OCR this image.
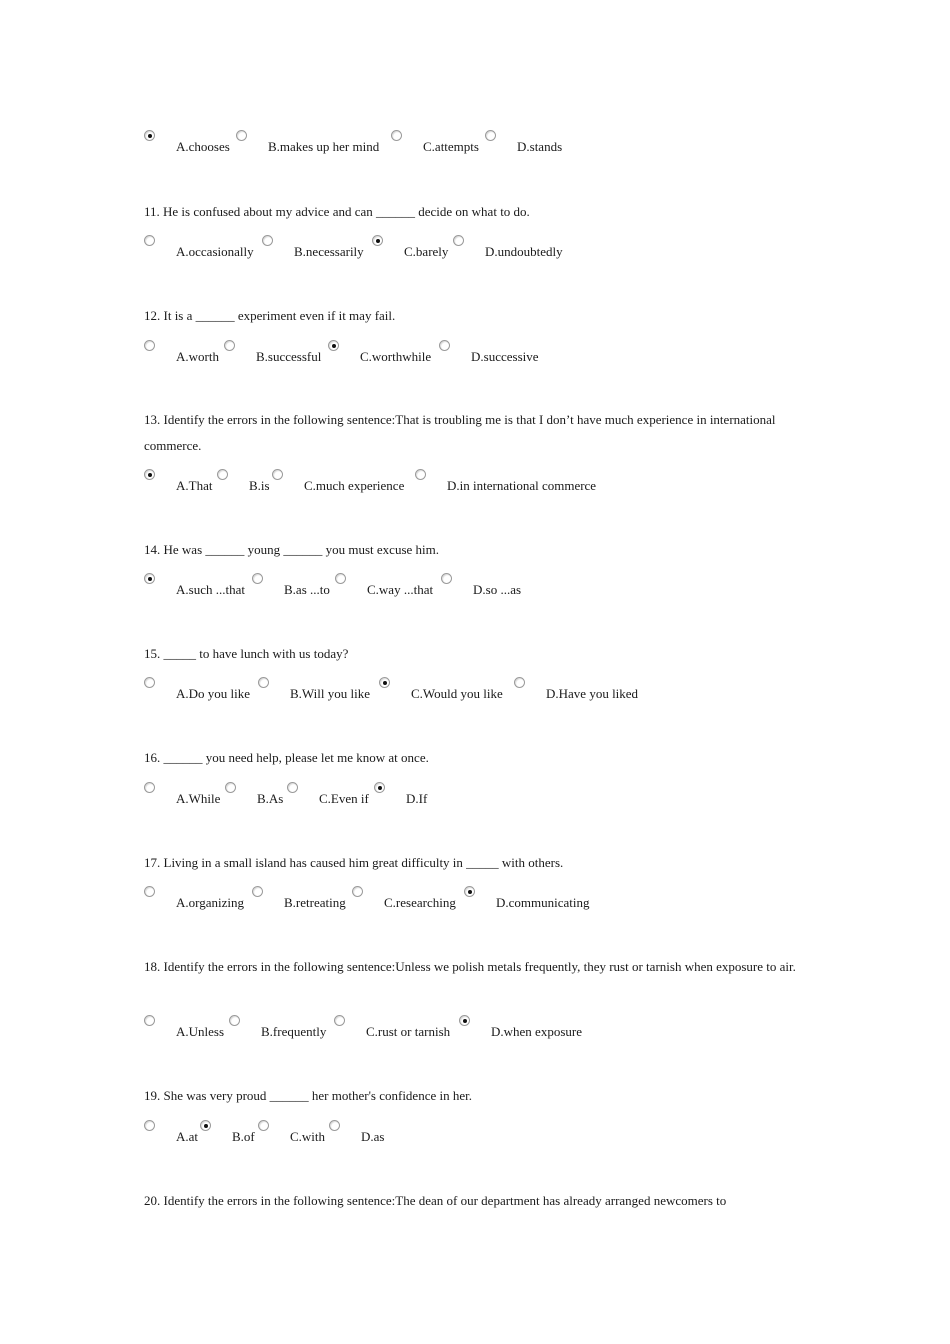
A.chooses	B.makes up her mind	C.attempts	D.stands
11. He is confused about my advice and can ______ decide on what to do.
A.occasionally	B.necessarily	C.barely	D.undoubtedly
12. It is a ______ experiment even if it may fail.
A.worth	B.successful	C.worthwhile	D.successive
13. Identify the errors in the following sentence:That is troubling me is that I don’t have much experience in international commerce.
A.That	B.is	C.much experience	D.in international commerce
14. He was ______ young ______ you must excuse him.
A.such ...that	B.as ...to	C.way ...that	D.so ...as
15. _____ to have lunch with us today?
A.Do you like	B.Will you like	C.Would you like	D.Have you liked
16. ______ you need help, please let me know at once.
A.While	B.As	C.Even if	D.If
17. Living in a small island has caused him great difficulty in _____ with others.
A.organizing	B.retreating	C.researching	D.communicating
18. Identify the errors in the following sentence:Unless we polish metals frequently, they rust or tarnish when exposure to air.
A.Unless	B.frequently	C.rust or tarnish	D.when exposure
19. She was very proud ______ her mother's confidence in her.
A.at	B.of	C.with	D.as
20. Identify the errors in the following sentence:The dean of our department has already arranged newcomers to
